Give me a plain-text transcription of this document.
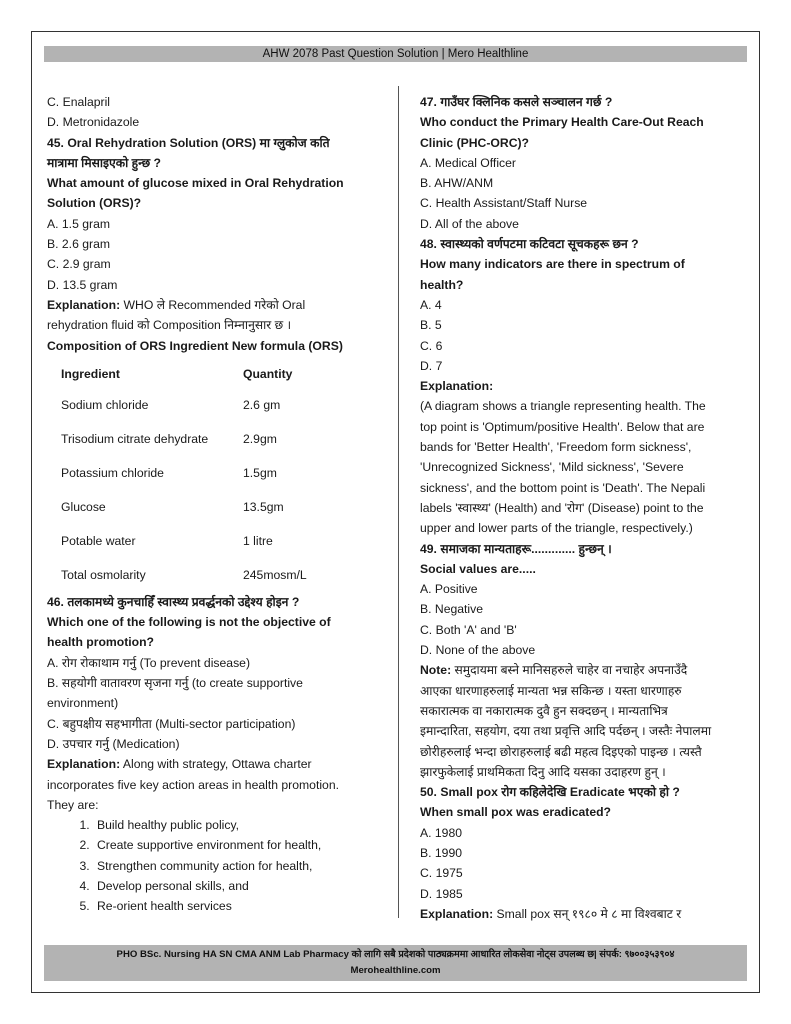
AHW 2078 Past Question Solution | Mero Healthline
C. Enalapril
D. Metronidazole
45. Oral Rehydration Solution (ORS) मा ग्लुकोज कति
मात्रामा मिसाइएको हुन्छ ?
What amount of glucose mixed in Oral Rehydration
Solution (ORS)?
A. 1.5 gram
B. 2.6 gram
C. 2.9 gram
D. 13.5 gram
Explanation: WHO ले Recommended गरेको Oral
rehydration fluid को Composition निम्नानुसार छ ।
Composition of ORS Ingredient New formula (ORS)
Ingredient	Quantity
Sodium chloride	2.6 gm
Trisodium citrate dehydrate	2.9gm
Potassium chloride	1.5gm
Glucose	13.5gm
Potable water	1 litre
Total osmolarity	245mosm/L
46. तलकामध्ये कुनचाहिँ स्वास्थ्य प्रवर्द्धनको उद्देश्य होइन ?
Which one of the following is not the objective of
health promotion?
A. रोग रोकाथाम गर्नु (To prevent disease)
B. सहयोगी वातावरण सृजना गर्नु (to create supportive
environment)
C. बहुपक्षीय सहभागीता (Multi-sector participation)
D. उपचार गर्नु (Medication)
Explanation: Along with strategy, Ottawa charter
incorporates five key action areas in health promotion.
They are:
1. Build healthy public policy,
2. Create supportive environment for health,
3. Strengthen community action for health,
4. Develop personal skills, and
5. Re-orient health services
47. गाउँघर क्लिनिक कसले सञ्चालन गर्छ ?
Who conduct the Primary Health Care-Out Reach
Clinic (PHC-ORC)?
A. Medical Officer
B. AHW/ANM
C. Health Assistant/Staff Nurse
D. All of the above
48. स्वास्थ्यको वर्णपटमा कटिवटा सूचकहरू छन ?
How many indicators are there in spectrum of
health?
A. 4
B. 5
C. 6
D. 7
Explanation:
(A diagram shows a triangle representing health. The
top point is 'Optimum/positive Health'. Below that are
bands for 'Better Health', 'Freedom form sickness',
'Unrecognized Sickness', 'Mild sickness', 'Severe
sickness', and the bottom point is 'Death'. The Nepali
labels 'स्वास्थ्य' (Health) and 'रोग' (Disease) point to the
upper and lower parts of the triangle, respectively.)
49. समाजका मान्यताहरू............. हुन्छन् ।
Social values are.....
A. Positive
B. Negative
C. Both 'A' and 'B'
D. None of the above
Note: समुदायमा बस्ने मानिसहरुले चाहेर वा नचाहेर अपनाउँदै
आएका धारणाहरुलाई मान्यता भन्न सकिन्छ । यस्ता धारणाहरु
सकारात्मक वा नकारात्मक दुवै हुन सक्दछन् । मान्यताभित्र
इमान्दारिता, सहयोग, दया तथा प्रवृत्ति आदि पर्दछन् । जस्तैः नेपालमा
छोरीहरुलाई भन्दा छोराहरुलाई बढी महत्व दिइएको पाइन्छ । त्यस्तै
झारफुकेलाई प्राथमिकता दिनु आदि यसका उदाहरण हुन् ।
50. Small pox रोग कहिलेदेखि Eradicate भएको हो ?
When small pox was eradicated?
A. 1980
B. 1990
C. 1975
D. 1985
Explanation: Small pox सन् १९८० मे ८ मा विश्वबाट र
PHO BSc. Nursing HA SN CMA ANM Lab Pharmacy को लागि सबै प्रदेशको पाठ्यक्रममा आधारित लोकसेवा नोट्स उपलब्ध छ| संपर्क: ९७००३५३९०४
Merohealthline.com
